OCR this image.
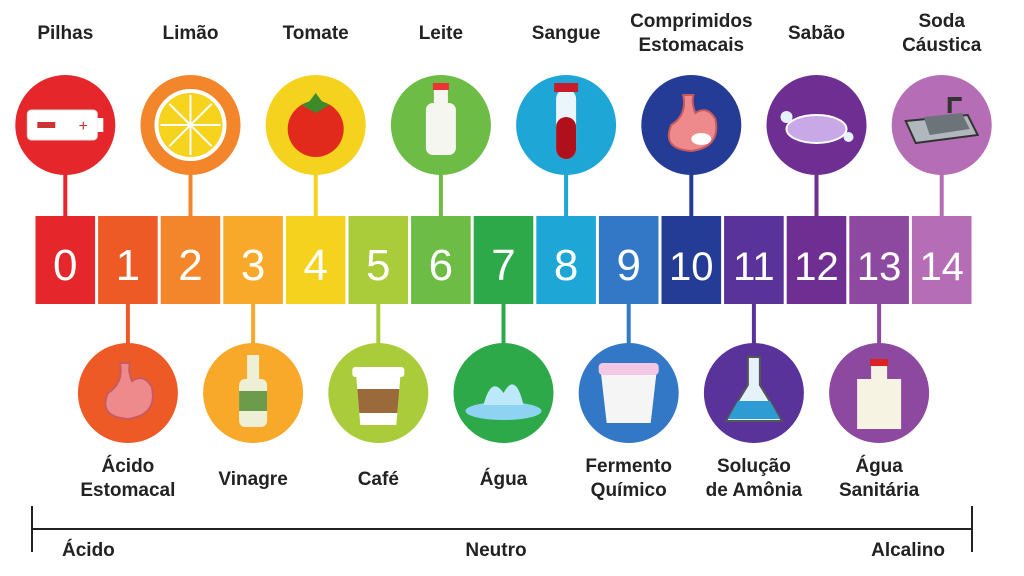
0 1 2 3 4 5 6 7 8 9 10 11 12 13 14
+
Ácido	Neutro	Alcalino
Pilhas	Limão	Tomate	Leite	Sangue
Comprimidos
Estomacais
Sabão
Soda
Cáustica
Ácido
Estomacal
Vinagre	Café	Água
Fermento
Químico
Solução
de Amônia
Água
Sanitária
